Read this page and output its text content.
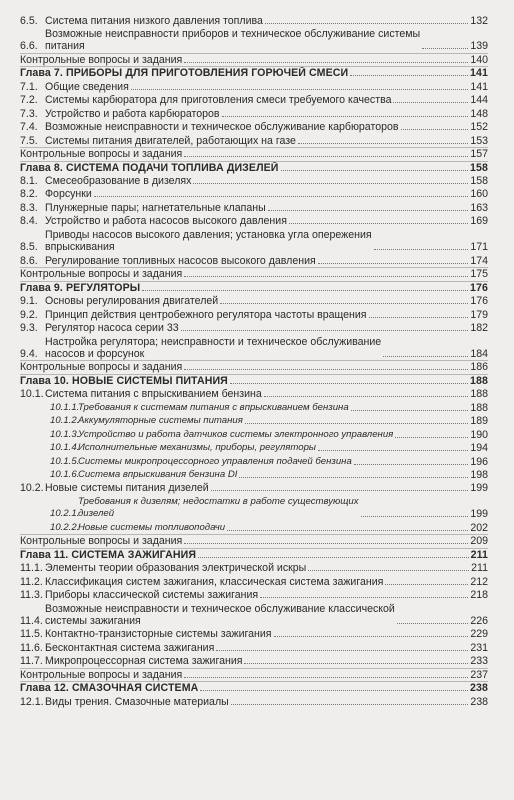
6.5. Система питания низкого давления топлива	132
6.6.
Возможные неисправности приборов и техническое обслуживание системы
питания	139
Контрольные вопросы и задания	140
Глава 7. ПРИБОРЫ ДЛЯ ПРИГОТОВЛЕНИЯ ГОРЮЧЕЙ СМЕСИ	141
7.1. Общие сведения	141
7.2. Системы карбюратора для приготовления смеси требуемого качества	144
7.3. Устройство и работа карбюраторов	148
7.4. Возможные неисправности и техническое обслуживание карбюраторов	152
7.5. Системы питания двигателей, работающих на газе	153
Контрольные вопросы и задания	157
Глава 8. СИСТЕМА ПОДАЧИ ТОПЛИВА ДИЗЕЛЕЙ	158
8.1. Смесеобразование в дизелях	158
8.2. Форсунки	160
8.3. Плунжерные пары; нагнетательные клапаны	163
8.4. Устройство и работа насосов высокого давления	169
8.5.
Приводы насосов высокого давления; установка угла опережения
впрыскивания	171
8.6. Регулирование топливных насосов высокого давления	174
Контрольные вопросы и задания	175
Глава 9. РЕГУЛЯТОРЫ	176
9.1. Основы регулирования двигателей	176
9.2. Принцип действия центробежного регулятора частоты вращения	179
9.3. Регулятор насоса серии 33	182
9.4.
Настройка регулятора; неисправности и техническое обслуживание
насосов и форсунок	184
Контрольные вопросы и задания	186
Глава 10. НОВЫЕ СИСТЕМЫ ПИТАНИЯ	188
10.1. Система питания с впрыскиванием бензина	188
10.1.1.
Требования к системам питания с впрыскиванием бензина	188
10.1.2.
Аккумуляторные системы питания	189
10.1.3.
Устройство и работа датчиков системы электронного управления	190
10.1.4.
Исполнительные механизмы, приборы, регуляторы	194
10.1.5.
Системы микропроцессорного управления подачей бензина	196
10.1.6.
Система впрыскивания бензина DI	198
10.2. Новые системы питания дизелей	199
10.2.1.
Требования к дизелям; недостатки в работе существующих
дизелей	199
10.2.2.
Новые системы топливоподачи	202
Контрольные вопросы и задания	209
Глава 11. СИСТЕМА ЗАЖИГАНИЯ	211
11.1. Элементы теории образования электрической искры	211
11.2. Классификация систем зажигания, классическая система зажигания	212
11.3. Приборы классической системы зажигания	218
11.4.
Возможные неисправности и техническое обслуживание классической
системы зажигания	226
11.5. Контактно-транзисторные системы зажигания	229
11.6. Бесконтактная система зажигания	231
11.7. Микропроцессорная система зажигания	233
Контрольные вопросы и задания	237
Глава 12. СМАЗОЧНАЯ СИСТЕМА	238
12.1. Виды трения. Смазочные материалы	238
